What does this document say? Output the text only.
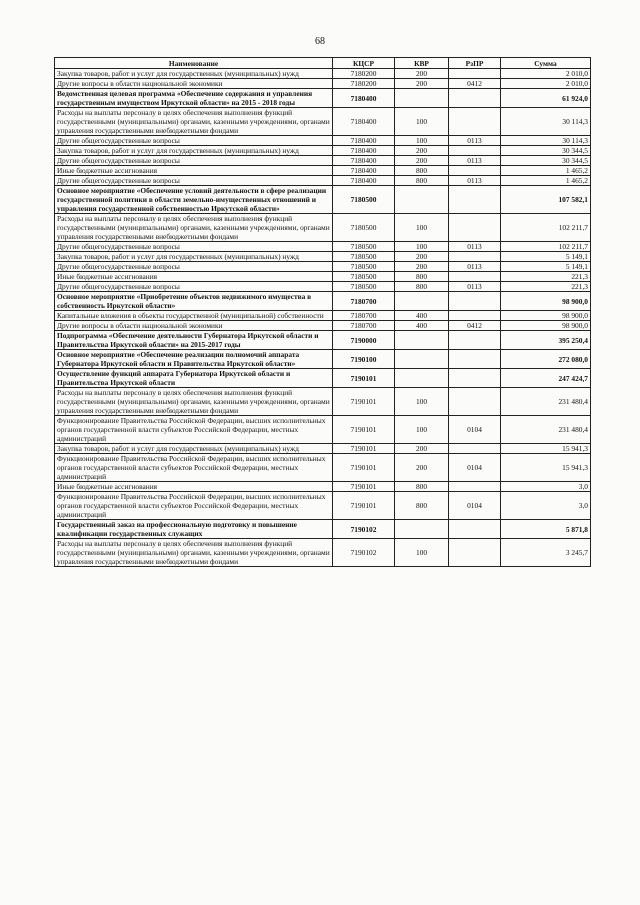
68
Наименование	КЦСР	КВР	РзПР	Сумма
Закупка товаров, работ и услуг для государственных (муниципальных) нужд	7180200	200		2 010,0
Другие вопросы в области национальной экономики	7180200	200	0412	2 010,0
Ведомственная целевая программа «Обеспечение содержания и управления государственным имуществом Иркутской области» на 2015 - 2018 годы	7180400			61 924,0
Расходы на выплаты персоналу в целях обеспечения выполнения функций государственными (муниципальными) органами, казенными учреждениями, органами управления государственными внебюджетными фондами	7180400	100		30 114,3
Другие общегосударственные вопросы	7180400	100	0113	30 114,3
Закупка товаров, работ и услуг для государственных (муниципальных) нужд	7180400	200		30 344,5
Другие общегосударственные вопросы	7180400	200	0113	30 344,5
Иные бюджетные ассигнования	7180400	800		1 465,2
Другие общегосударственные вопросы	7180400	800	0113	1 465,2
Основное мероприятие «Обеспечение условий деятельности в сфере реализации государственной политики в области земельно-имущественных отношений и управления государственной собственностью Иркутской области»	7180500			107 582,1
Расходы на выплаты персоналу в целях обеспечения выполнения функций государственными (муниципальными) органами, казенными учреждениями, органами управления государственными внебюджетными фондами	7180500	100		102 211,7
Другие общегосударственные вопросы	7180500	100	0113	102 211,7
Закупка товаров, работ и услуг для государственных (муниципальных) нужд	7180500	200		5 149,1
Другие общегосударственные вопросы	7180500	200	0113	5 149,1
Иные бюджетные ассигнования	7180500	800		221,3
Другие общегосударственные вопросы	7180500	800	0113	221,3
Основное мероприятие «Приобретение объектов недвижимого имущества в собственность Иркутской области»	7180700			98 900,0
Капитальные вложения в объекты государственной (муниципальной) собственности	7180700	400		98 900,0
Другие вопросы в области национальной экономики	7180700	400	0412	98 900,0
Подпрограмма «Обеспечение деятельности Губернатора Иркутской области и Правительства Иркутской области» на 2015-2017 годы	7190000			395 250,4
Основное мероприятие «Обеспечение реализации полномочий аппарата Губернатора Иркутской области и Правительства Иркутской области»	7190100			272 080,0
Осуществление функций аппарата Губернатора Иркутской области и Правительства Иркутской области	7190101			247 424,7
Расходы на выплаты персоналу в целях обеспечения выполнения функций государственными (муниципальными) органами, казенными учреждениями, органами управления государственными внебюджетными фондами	7190101	100		231 480,4
Функционирование Правительства Российской Федерации, высших исполнительных органов государственной власти субъектов Российской Федерации, местных администраций	7190101	100	0104	231 480,4
Закупка товаров, работ и услуг для государственных (муниципальных) нужд	7190101	200		15 941,3
Функционирование Правительства Российской Федерации, высших исполнительных органов государственной власти субъектов Российской Федерации, местных администраций	7190101	200	0104	15 941,3
Иные бюджетные ассигнования	7190101	800		3,0
Функционирование Правительства Российской Федерации, высших исполнительных органов государственной власти субъектов Российской Федерации, местных администраций	7190101	800	0104	3,0
Государственный заказ на профессиональную подготовку и повышение квалификации государственных служащих	7190102			5 871,8
Расходы на выплаты персоналу в целях обеспечения выполнения функций государственными (муниципальными) органами, казенными учреждениями, органами управления государственными внебюджетными фондами	7190102	100		3 245,7
